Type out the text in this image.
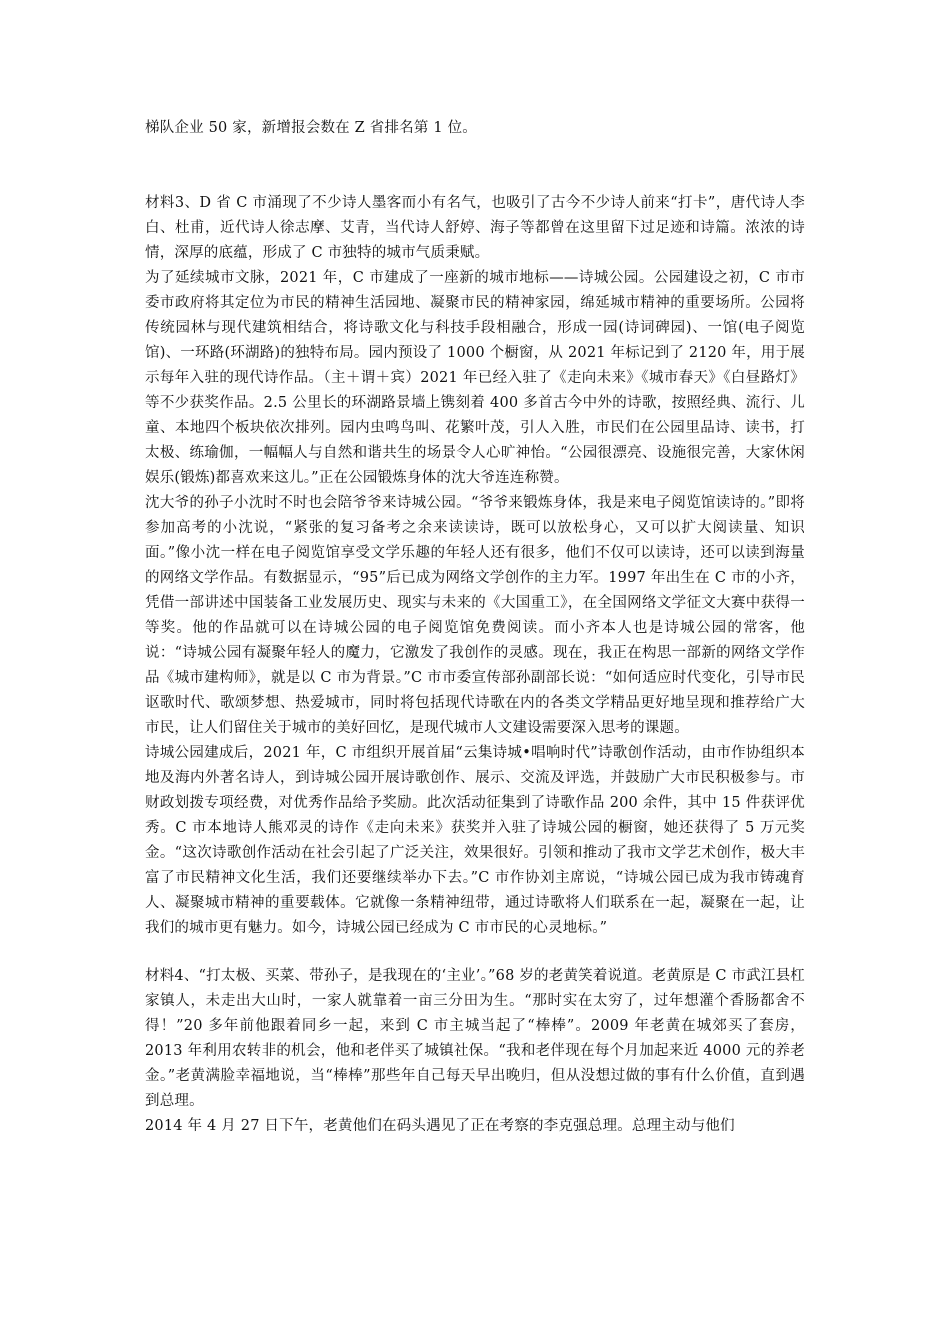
梯队企业 50 家，新增报会数在 Z 省排名第 1 位。

材料3、D 省 C 市涌现了不少诗人墨客而小有名气，也吸引了古今不少诗人前来“打卡”，唐代诗人李白、杜甫，近代诗人徐志摩、艾青，当代诗人舒婷、海子等都曾在这里留下过足迹和诗篇。浓浓的诗情，深厚的底蕴，形成了 C 市独特的城市气质秉赋。

为了延续城市文脉，2021 年，C 市建成了一座新的城市地标——诗城公园。公园建设之初，C 市市委市政府将其定位为市民的精神生活园地、凝聚市民的精神家园，绵延城市精神的重要场所。公园将传统园林与现代建筑相结合，将诗歌文化与科技手段相融合，形成一园(诗词碑园)、一馆(电子阅览馆)、一环路(环湖路)的独特布局。园内预设了 1000 个橱窗，从 2021 年标记到了 2120 年，用于展示每年入驻的现代诗作品。（主＋谓＋宾）2021 年已经入驻了《走向未来》《城市春天》《白昼路灯》等不少获奖作品。2.5 公里长的环湖路景墙上镌刻着 400 多首古今中外的诗歌，按照经典、流行、儿童、本地四个板块依次排列。园内虫鸣鸟叫、花繁叶茂，引人入胜，市民们在公园里品诗、读书，打太极、练瑜伽，一幅幅人与自然和谐共生的场景令人心旷神怡。“公园很漂亮、设施很完善，大家休闲娱乐(锻炼)都喜欢来这儿。”正在公园锻炼身体的沈大爷连连称赞。

沈大爷的孙子小沈时不时也会陪爷爷来诗城公园。“爷爷来锻炼身体，我是来电子阅览馆读诗的。”即将参加高考的小沈说，“紧张的复习备考之余来读读诗，既可以放松身心，又可以扩大阅读量、知识面。”像小沈一样在电子阅览馆享受文学乐趣的年轻人还有很多，他们不仅可以读诗，还可以读到海量的网络文学作品。有数据显示，“95”后已成为网络文学创作的主力军。1997 年出生在 C 市的小齐，凭借一部讲述中国装备工业发展历史、现实与未来的《大国重工》，在全国网络文学征文大赛中获得一等奖。他的作品就可以在诗城公园的电子阅览馆免费阅读。而小齐本人也是诗城公园的常客，他说：“诗城公园有凝聚年轻人的魔力，它激发了我创作的灵感。现在，我正在构思一部新的网络文学作品《城市建构师》，就是以 C 市为背景。”C 市市委宣传部孙副部长说：“如何适应时代变化，引导市民讴歌时代、歌颂梦想、热爱城市，同时将包括现代诗歌在内的各类文学精品更好地呈现和推荐给广大市民，让人们留住关于城市的美好回忆，是现代城市人文建设需要深入思考的课题。

诗城公园建成后，2021 年，C 市组织开展首届“云集诗城•唱响时代”诗歌创作活动，由市作协组织本地及海内外著名诗人，到诗城公园开展诗歌创作、展示、交流及评选，并鼓励广大市民积极参与。市财政划拨专项经费，对优秀作品给予奖励。此次活动征集到了诗歌作品 200 余件，其中 15 件获评优秀。C 市本地诗人熊邓灵的诗作《走向未来》获奖并入驻了诗城公园的橱窗，她还获得了 5 万元奖金。“这次诗歌创作活动在社会引起了广泛关注，效果很好。引领和推动了我市文学艺术创作，极大丰富了市民精神文化生活，我们还要继续举办下去。”C 市作协刘主席说，“诗城公园已成为我市铸魂育人、凝聚城市精神的重要载体。它就像一条精神纽带，通过诗歌将人们联系在一起，凝聚在一起，让我们的城市更有魅力。如今，诗城公园已经成为 C 市市民的心灵地标。”

材料4、“打太极、买菜、带孙子，是我现在的‘主业’。”68 岁的老黄笑着说道。老黄原是 C 市武江县杠家镇人，未走出大山时，一家人就靠着一亩三分田为生。“那时实在太穷了，过年想灌个香肠都舍不得！”20 多年前他跟着同乡一起，来到 C 市主城当起了“棒棒”。2009 年老黄在城郊买了套房，2013 年利用农转非的机会，他和老伴买了城镇社保。“我和老伴现在每个月加起来近 4000 元的养老金。”老黄满脸幸福地说，当“棒棒”那些年自己每天早出晚归，但从没想过做的事有什么价值，直到遇到总理。

2014 年 4 月 27 日下午，老黄他们在码头遇见了正在考察的李克强总理。总理主动与他们
